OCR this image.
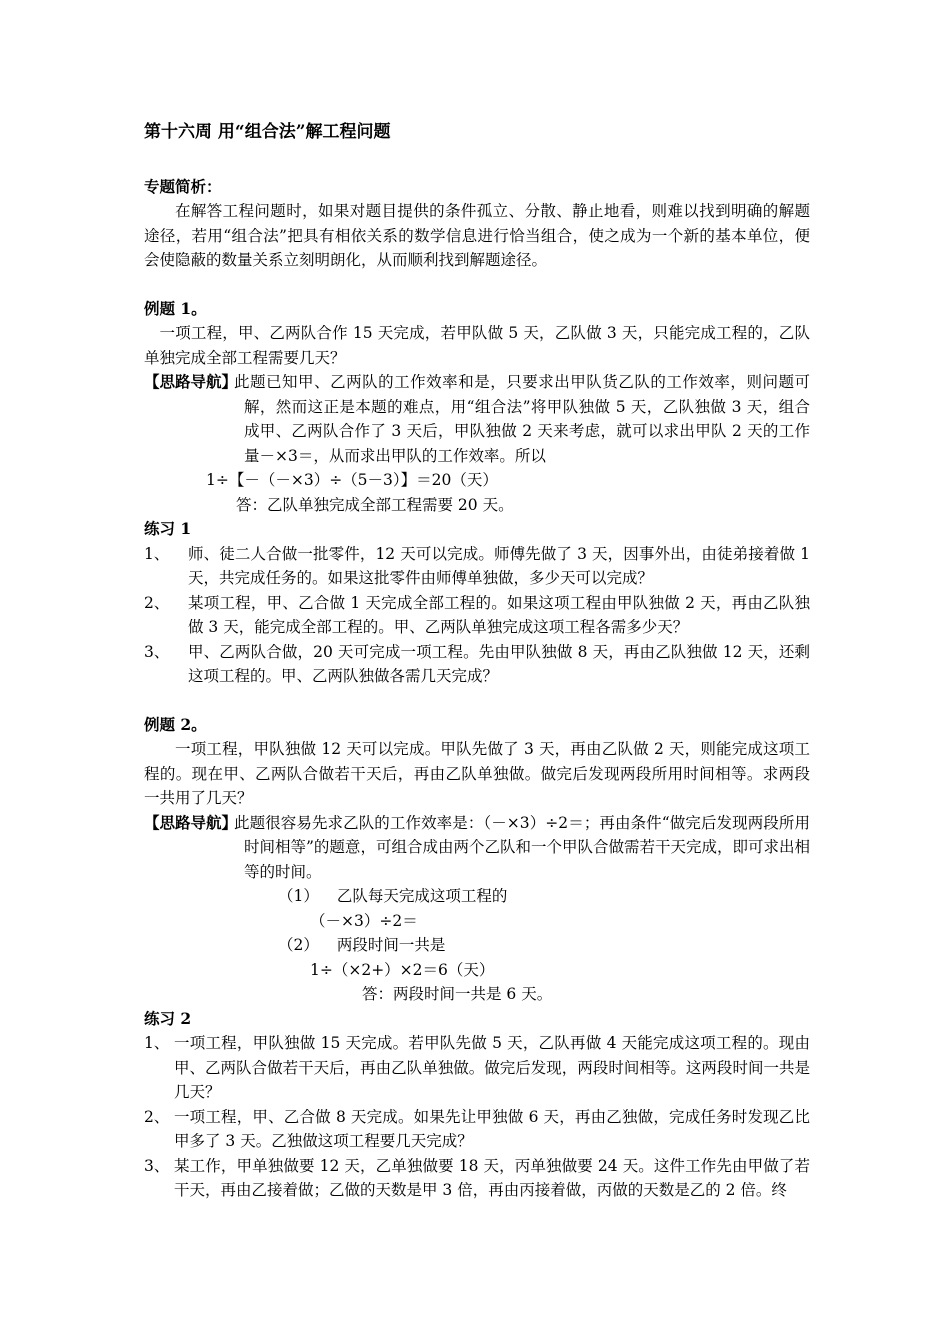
第十六周 用“组合法”解工程问题
专题简析：
在解答工程问题时，如果对题目提供的条件孤立、分散、静止地看，则难以找到明确的解题途径，若用“组合法”把具有相依关系的数学信息进行恰当组合，使之成为一个新的基本单位，便会使隐蔽的数量关系立刻明朗化，从而顺利找到解题途径。
例题 1。
一项工程，甲、乙两队合作 15 天完成，若甲队做 5 天，乙队做 3 天，只能完成工程的，乙队单独完成全部工程需要几天？
【思路导航】
此题已知甲、乙两队的工作效率和是，只要求出甲队货乙队的工作效率，则问题可解，然而这正是本题的难点，用“组合法”将甲队独做 5 天，乙队独做 3 天，组合成甲、乙两队合作了 3 天后，甲队独做 2 天来考虑，就可以求出甲队 2 天的工作量－×3＝，从而求出甲队的工作效率。所以
1÷【－（－×3）÷（5－3）】＝20（天）
答：乙队单独完成全部工程需要 20 天。
练习 1
1、 师、徒二人合做一批零件，12 天可以完成。师傅先做了 3 天，因事外出，由徒弟接着做 1 天，共完成任务的。如果这批零件由师傅单独做，多少天可以完成？
2、 某项工程，甲、乙合做 1 天完成全部工程的。如果这项工程由甲队独做 2 天，再由乙队独做 3 天，能完成全部工程的。甲、乙两队单独完成这项工程各需多少天？
3、 甲、乙两队合做，20 天可完成一项工程。先由甲队独做 8 天，再由乙队独做 12 天，还剩这项工程的。甲、乙两队独做各需几天完成？
例题 2。
一项工程，甲队独做 12 天可以完成。甲队先做了 3 天，再由乙队做 2 天，则能完成这项工程的。现在甲、乙两队合做若干天后，再由乙队单独做。做完后发现两段所用时间相等。求两段一共用了几天？
【思路导航】
此题很容易先求乙队的工作效率是：（－×3）÷2＝；再由条件“做完后发现两段所用时间相等”的题意，可组合成由两个乙队和一个甲队合做需若干天完成，即可求出相等的时间。
（1） 乙队每天完成这项工程的
（－×3）÷2＝
（2） 两段时间一共是
1÷（×2+）×2＝6（天）
答：两段时间一共是 6 天。
练习 2
1、 一项工程，甲队独做 15 天完成。若甲队先做 5 天，乙队再做 4 天能完成这项工程的。现由甲、乙两队合做若干天后，再由乙队单独做。做完后发现，两段时间相等。这两段时间一共是几天？
2、 一项工程，甲、乙合做 8 天完成。如果先让甲独做 6 天，再由乙独做，完成任务时发现乙比甲多了 3 天。乙独做这项工程要几天完成？
3、 某工作，甲单独做要 12 天，乙单独做要 18 天，丙单独做要 24 天。这件工作先由甲做了若干天，再由乙接着做；乙做的天数是甲 3 倍，再由丙接着做，丙做的天数是乙的 2 倍。终
